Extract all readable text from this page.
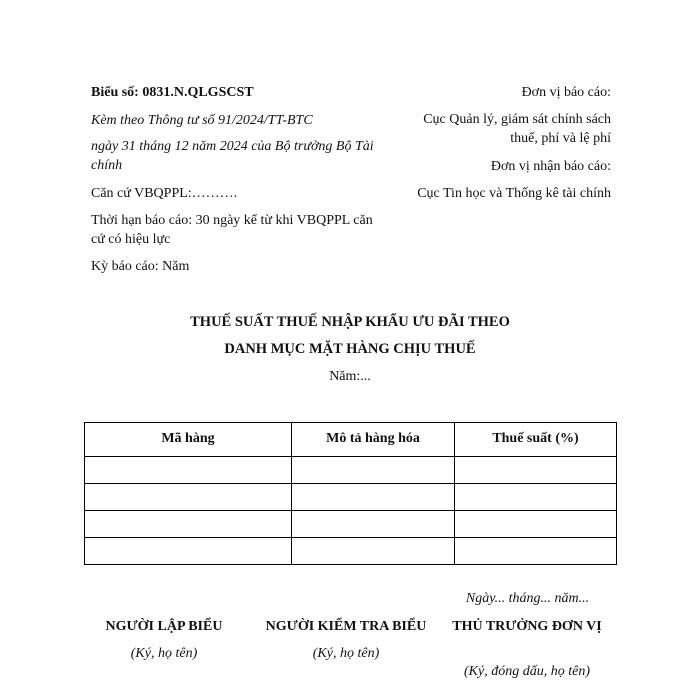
Biểu số: 0831.N.QLGSCST
Kèm theo Thông tư số 91/2024/TT-BTC
ngày 31 tháng 12 năm 2024 của Bộ trưởng Bộ Tài chính
Căn cứ VBQPPL:……….
Thời hạn báo cáo: 30 ngày kể từ khi VBQPPL căn cứ có hiệu lực
Kỳ báo cáo: Năm
Đơn vị báo cáo:
Cục Quản lý, giám sát chính sách thuế, phí và lệ phí
Đơn vị nhận báo cáo:
Cục Tin học và Thống kê tài chính
THUẾ SUẤT THUẾ NHẬP KHẨU ƯU ĐÃI THEO
DANH MỤC MẶT HÀNG CHỊU THUẾ
Năm:...
Mã hàng	Mô tả hàng hóa	Thuế suất (%)

Ngày... tháng... năm...
NGƯỜI LẬP BIỂU
(Ký, họ tên)
NGƯỜI KIỂM TRA BIỂU
(Ký, họ tên)
THỦ TRƯỞNG ĐƠN VỊ
(Ký, đóng dấu, họ tên)
